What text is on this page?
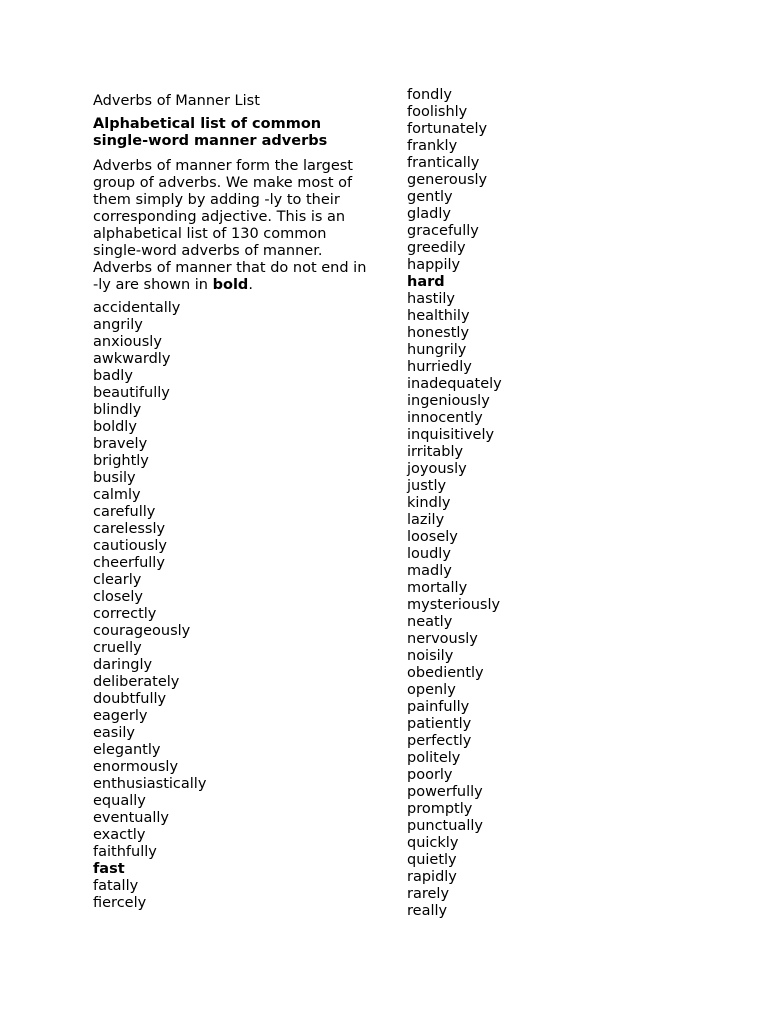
Adverbs of Manner List
Alphabetical list of common single-word manner adverbs
Adverbs of manner form the largest group of adverbs. We make most of them simply by adding -ly to their corresponding adjective. This is an alphabetical list of 130 common single-word adverbs of manner. Adverbs of manner that do not end in -ly are shown in bold.
accidentally
angrily
anxiously
awkwardly
badly
beautifully
blindly
boldly
bravely
brightly
busily
calmly
carefully
carelessly
cautiously
cheerfully
clearly
closely
correctly
courageously
cruelly
daringly
deliberately
doubtfully
eagerly
easily
elegantly
enormously
enthusiastically
equally
eventually
exactly
faithfully
fast
fatally
fiercely
fondly
foolishly
fortunately
frankly
frantically
generously
gently
gladly
gracefully
greedily
happily
hard
hastily
healthily
honestly
hungrily
hurriedly
inadequately
ingeniously
innocently
inquisitively
irritably
joyously
justly
kindly
lazily
loosely
loudly
madly
mortally
mysteriously
neatly
nervously
noisily
obediently
openly
painfully
patiently
perfectly
politely
poorly
powerfully
promptly
punctually
quickly
quietly
rapidly
rarely
really
